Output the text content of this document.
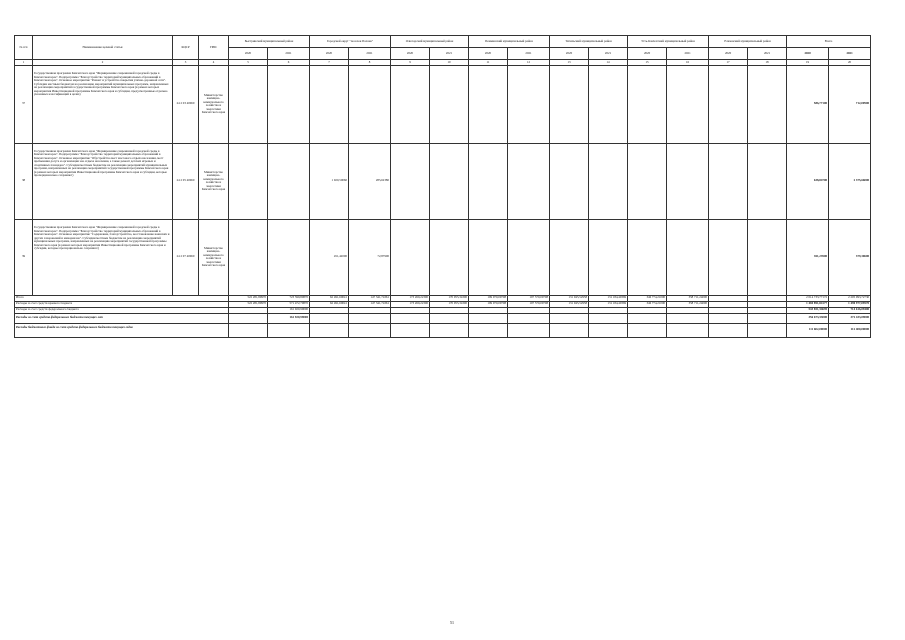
№ п/п	Наименование целевой статьи	КЦСР	ГРБС	Быстринский муниципальный район		Городской округ "поселок Палана"		Олюторский муниципальный район		Пенжинский муниципальный район		Тигильский муниципальный район		Усть-Камчатский муниципальный район		Елизовский муниципальный район		Всего	
				2020	2021	2020	2021	2020	2021	2020	2021	2020	2021	2020	2021	2020	2021	2020	2021
1	2	3	4	5	6	7	8	9	10	11	12	13	14	15	16	17	18	19	20
37	Государственная программа Камчатского края "Формирование современной городской среды в Камчатском крае". Подпрограмма "Благоустройство территорий муниципальных образований в Камчатском крае". Основное мероприятие "Ремонт и устройство покрытия улично-дорожной сети". Субсидии местным бюджетам на реализацию мероприятий муниципальных программ, направленных на реализацию мероприятий государственной программы Камчатского края (в рамках которых мероприятия Инвестиционной программы Камчатского края и субсидии, предусмотренные отдельно указанных классификаций в целях)	24 2 03 40060	Министерство жилищно-коммунального хозяйства и энергетики Камчатского края															586,77100	712,00900
38	Государственная программа Камчатского края "Формирование современной городской среды в Камчатском крае". Подпрограмма "Благоустройство территорий муниципальных образований в Камчатском крае". Основное мероприятие "Обустройство мест массового отдыха населения, мест пребывания досуга и организация зон отдыха населения, а также ремонт детских игровых и спортивных площадок". Субсидии местным бюджетам на реализацию мероприятий муниципальных программ, направленных на реализацию мероприятий государственной программы Камчатского края (в рамках которых мероприятия Инвестиционной программы Камчатского края и субсидии, которые пропорционально сохраняют)	24 2 05 40060	Министерство жилищно-коммунального хозяйства и энергетики Камчатского края			1 920,50060	285,62380											638,84700	2 375,66000
39	Государственная программа Камчатского края "Формирование современной городской среды в Камчатском крае". Подпрограмма "Благоустройство территорий муниципальных образований в Камчатском крае". Основное мероприятие "Содержание, благоустройство, восстановление воинских и других захоронений и мемориалов". Субсидии местным бюджетам на реализацию мероприятий муниципальных программ, направленных на реализацию мероприятий государственной программы Камчатского края (в рамках которых мероприятия Инвестиционной программы Камчатского края и субсидии, которые пропорционально сохраняют)	24 2 07 40060	Министерство жилищно-коммунального хозяйства и энергетики Камчатского края			451,42000	72,87900											811,23900	379,30600
Итого				522 281,89970	723 599,80870	62 491,60041	147 341,74361	173 269,22300	170 955,34300	199 970,09708	197 570,09708	131 945,52958	131 184,40369	346 774,21000	358 711,24000			2 014 733,77172	2 205 993,72730
Расходы за счет средств краевого бюджета				522 281,89970	571 472,79870	62 491,60041	147 341,74361	173 269,22300	170 955,34300	199 970,09708	197 570,09708	131 945,52958	131 184,40369	346 774,21000	358 711,24000			1 469 891,84177	1 490 977,09570
Расходы за счет средств федерального бюджета					161 920,99000													543 851,54695	714 616,09400
Расходы за счет средств федерального бюджета текущих лет					161 920,99000													356 673,53000	372 433,09000
Расходы бюджетного фонда за счет средств федерального бюджета текущих годов																		111 602,00000	112 400,00000
51
